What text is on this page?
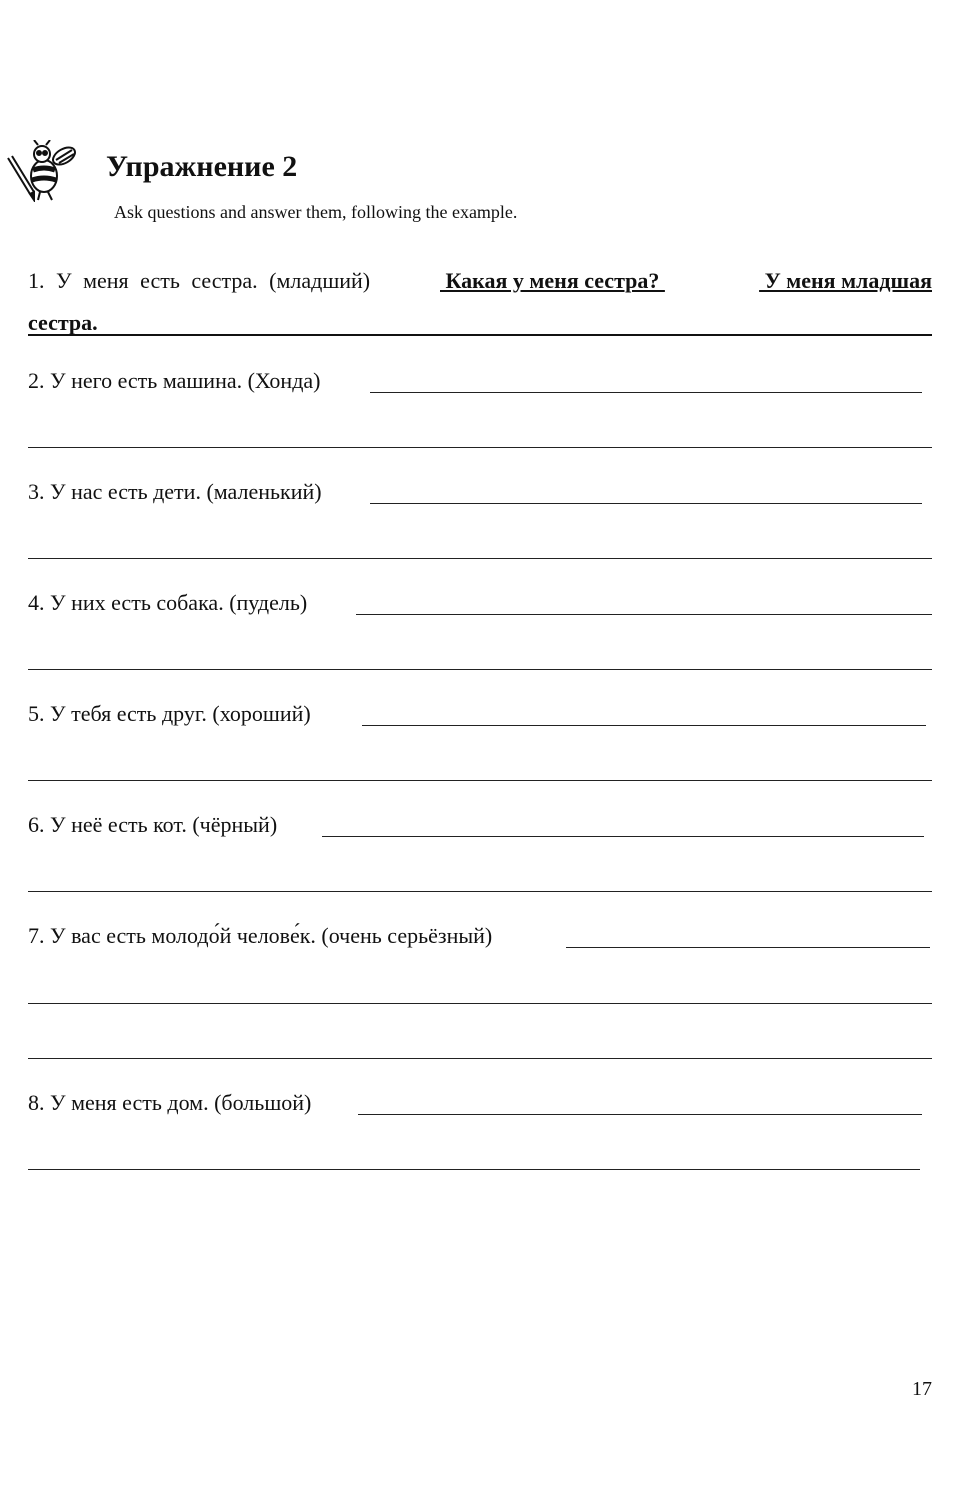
Упражнение 2
Ask questions and answer them, following the example.
1. У меня есть сестра. (младший)	Какая у меня сестра?	У меня младшая
сестра.
2. У него есть машина. (Хонда)
3. У нас есть дети. (маленький)
4. У них есть собака. (пудель)
5. У тебя есть друг. (хороший)
6. У неё есть кот. (чёрный)
7. У вас есть молодо́й челове́к. (очень серьёзный)
8. У меня есть дом. (большой)
17
